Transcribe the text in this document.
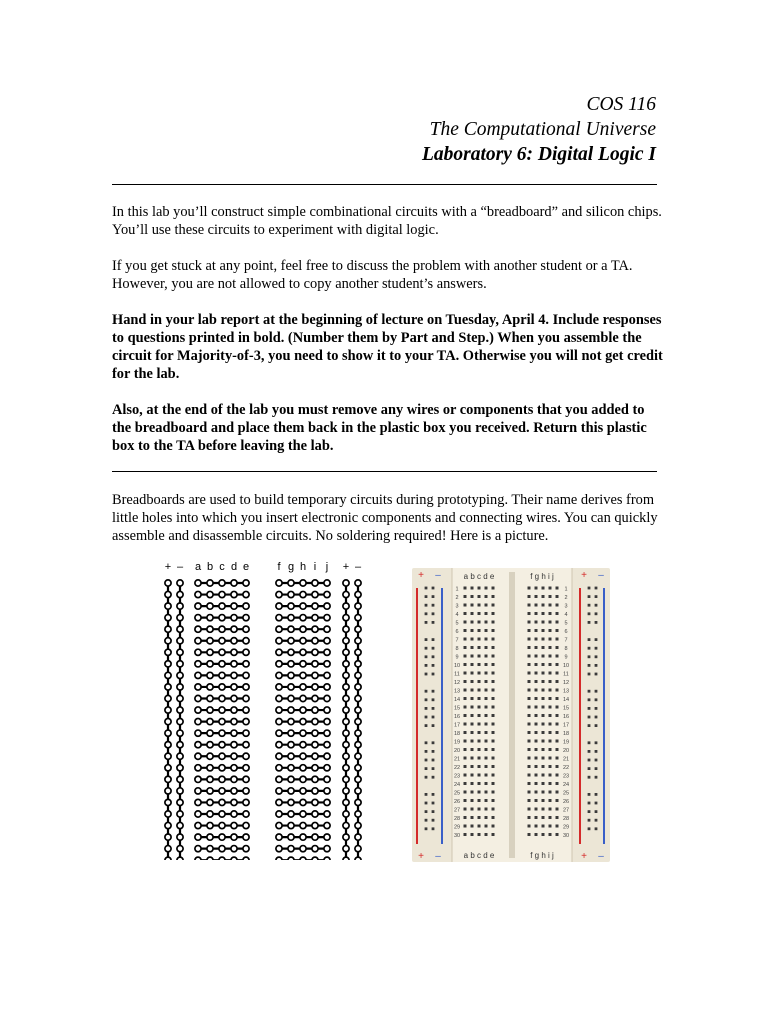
COS 116
The Computational Universe
Laboratory 6: Digital Logic I

In this lab you’ll construct simple combinational circuits with a “breadboard” and silicon chips. You’ll use these circuits to experiment with digital logic.

If you get stuck at any point, feel free to discuss the problem with another student or a TA. However, you are not allowed to copy another student’s answers.

Hand in your lab report at the beginning of lecture on Tuesday, April 4. Include responses to questions printed in bold. (Number them by Part and Step.) When you assemble the circuit for Majority-of-3, you need to show it to your TA. Otherwise you will not get credit for the lab.

Also, at the end of the lab you must remove any wires or components that you added to the breadboard and place them back in the plastic box you received. Return this plastic box to the TA before leaving the lab.

Breadboards are used to build temporary circuits during prototyping. Their name derives from little holes into which you insert electronic components and connecting wires. You can quickly assemble and disassemble circuits. No soldering required! Here is a picture.

+ – a b c d e	f g h i j + –
+ –	+ –
+ –	+ –
a b c d e	f g h i j
a b c d e	f g h i j
1	1
2	2
3	3
4	4
5	5
6	6
7	7
8	8
9	9
10	10
11	11
12	12
13	13
14	14
15	15
16	16
17	17
18	18
19	19
20	20
21	21
22	22
23	23
24	24
25	25
26	26
27	27
28	28
29	29
30	30
